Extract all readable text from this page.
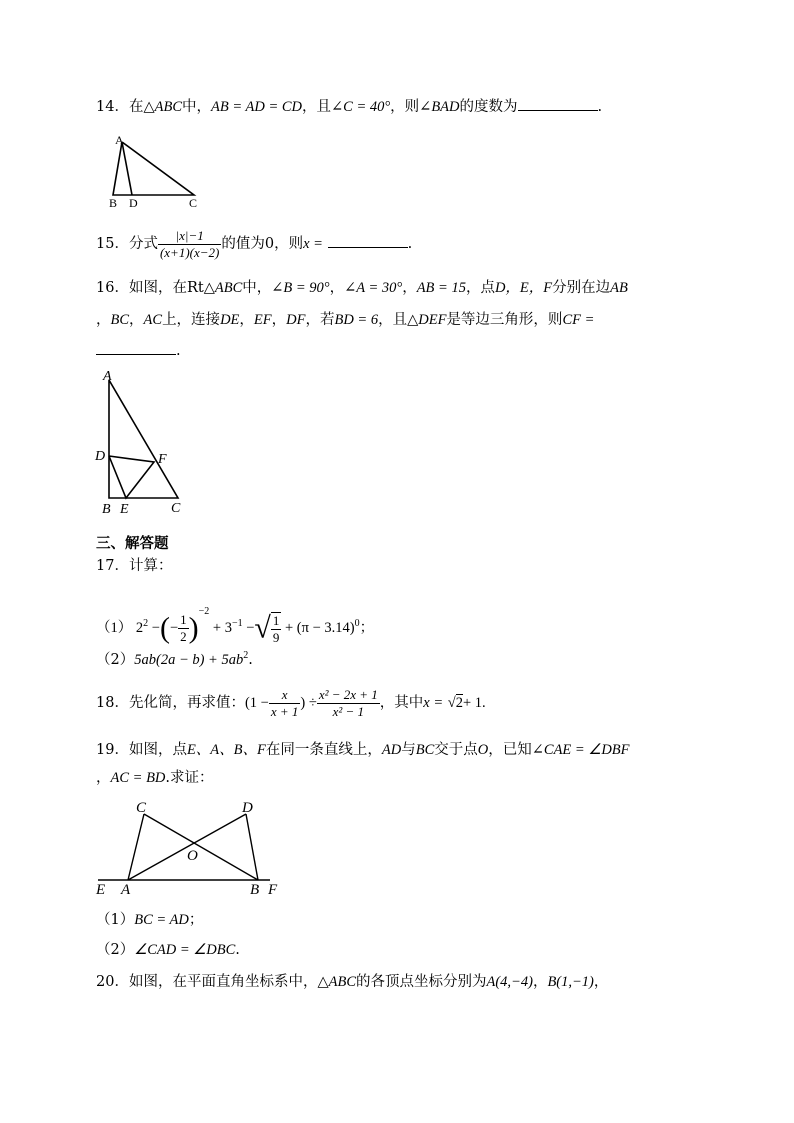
14．在△ABC中，AB = AD = CD，且∠C = 40°，则∠BAD的度数为	.
A
B D	C
15．分式 $\frac{|x|-1}{(x+1)(x-2)}$ 的值为0，则x =	.
16．如图，在Rt△ABC中，∠B = 90°，∠A = 30°，AB = 15，点D，E，F分别在边AB
，BC，AC上，连接DE，EF，DF，若BD = 6，且△DEF是等边三角形，则CF =
.
A
D	F
B E	C
三、解答题
17．计算：
（1） $2^2$ −(− $\frac{1}{2} )^{-2} + 3^{-1}$ −√ $\frac{1}{9} + (\pi - 3.14)^0$；
$(2)5ab(2a - b) + 5ab^2$.
18．先化简，再求值：($1 - \frac{x}{x + 1}$ ) ÷ $\frac{\text{x² − 2x + 1}}{\text{x² − 1}}$ ，其中x = √2+ 1.
19．如图，点E、A、B、F在同一条直线上，AD与BC交于点O，已知∠CAE = ∠DBF
，AC = BD.求证：
C	D
O
E A	B F
（1）BC = AD；
（2）∠CAD = ∠DBC.
20．如图，在平面直角坐标系中，△ABC的各顶点坐标分别为A(4,−4)，B(1,−1)，
